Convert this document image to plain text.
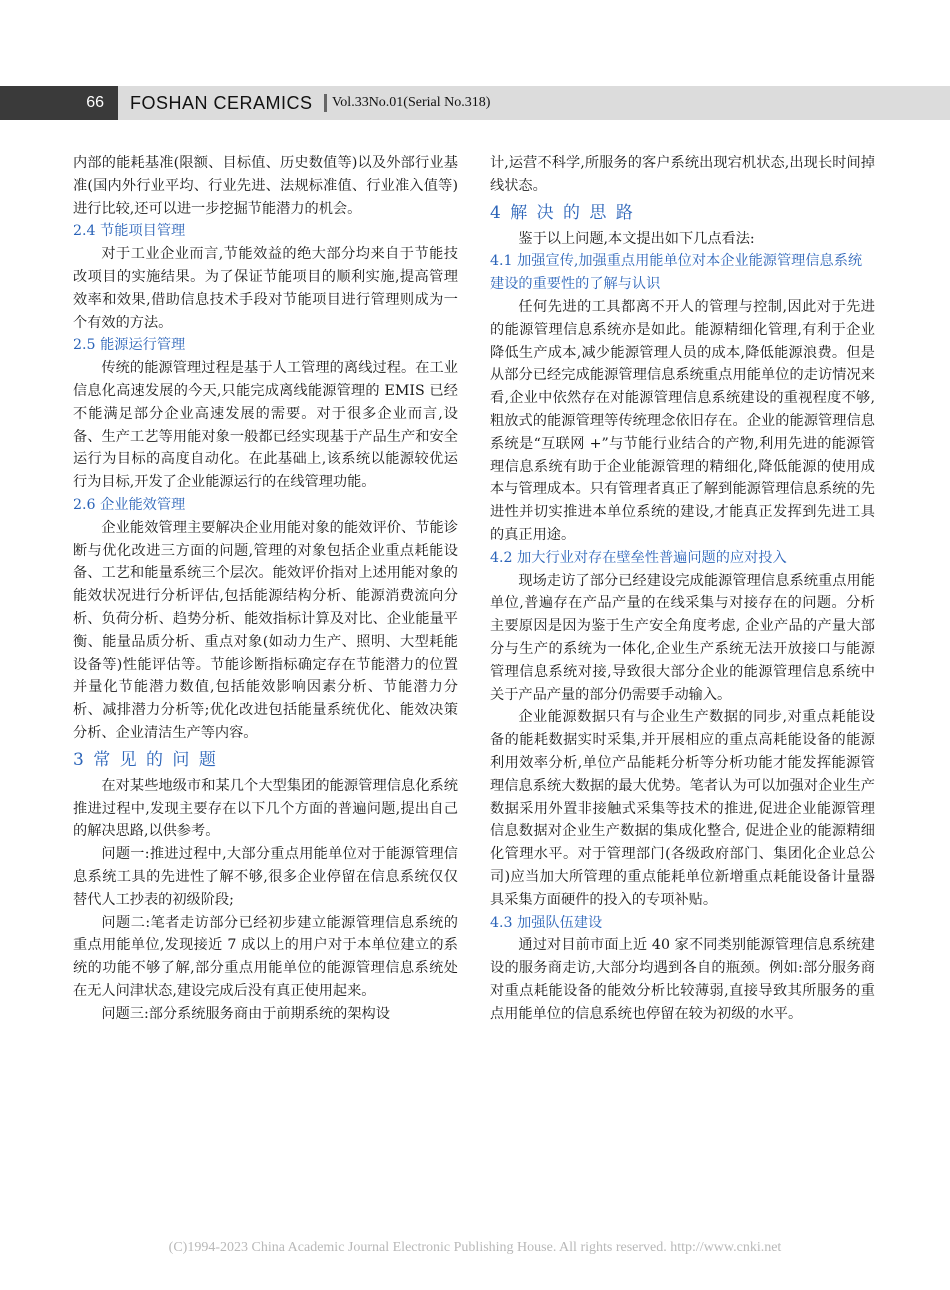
66	FOSHAN CERAMICS Vol.33No.01(Serial No.318)

内部的能耗基准(限额、目标值、历史数值等)以及外部行业基准(国内外行业平均、行业先进、法规标准值、行业准入值等)进行比较,还可以进一步挖掘节能潜力的机会。

2.4 节能项目管理

对于工业企业而言,节能效益的绝大部分均来自于节能技改项目的实施结果。为了保证节能项目的顺利实施,提高管理效率和效果,借助信息技术手段对节能项目进行管理则成为一个有效的方法。

2.5 能源运行管理

传统的能源管理过程是基于人工管理的离线过程。在工业信息化高速发展的今天,只能完成离线能源管理的 EMIS 已经不能满足部分企业高速发展的需要。对于很多企业而言,设备、生产工艺等用能对象一般都已经实现基于产品生产和安全运行为目标的高度自动化。在此基础上,该系统以能源较优运行为目标,开发了企业能源运行的在线管理功能。

2.6 企业能效管理

企业能效管理主要解决企业用能对象的能效评价、节能诊断与优化改进三方面的问题,管理的对象包括企业重点耗能设备、工艺和能量系统三个层次。能效评价指对上述用能对象的能效状况进行分析评估,包括能源结构分析、能源消费流向分析、负荷分析、趋势分析、能效指标计算及对比、企业能量平衡、能量品质分析、重点对象(如动力生产、照明、大型耗能设备等)性能评估等。节能诊断指标确定存在节能潜力的位置并量化节能潜力数值,包括能效影响因素分析、节能潜力分析、减排潜力分析等;优化改进包括能量系统优化、能效决策分析、企业清洁生产等内容。

3 常 见 的 问 题

在对某些地级市和某几个大型集团的能源管理信息化系统推进过程中,发现主要存在以下几个方面的普遍问题,提出自己的解决思路,以供参考。

问题一:推进过程中,大部分重点用能单位对于能源管理信息系统工具的先进性了解不够,很多企业停留在信息系统仅仅替代人工抄表的初级阶段;

问题二:笔者走访部分已经初步建立能源管理信息系统的重点用能单位,发现接近 7 成以上的用户对于本单位建立的系统的功能不够了解,部分重点用能单位的能源管理信息系统处在无人问津状态,建设完成后没有真正使用起来。

问题三:部分系统服务商由于前期系统的架构设

计,运营不科学,所服务的客户系统出现宕机状态,出现长时间掉线状态。

4 解 决 的 思 路

鉴于以上问题,本文提出如下几点看法:

4.1 加强宣传,加强重点用能单位对本企业能源管理信息系统建设的重要性的了解与认识

任何先进的工具都离不开人的管理与控制,因此对于先进的能源管理信息系统亦是如此。能源精细化管理,有利于企业降低生产成本,减少能源管理人员的成本,降低能源浪费。但是从部分已经完成能源管理信息系统重点用能单位的走访情况来看,企业中依然存在对能源管理信息系统建设的重视程度不够,粗放式的能源管理等传统理念依旧存在。企业的能源管理信息系统是“互联网 +”与节能行业结合的产物,利用先进的能源管理信息系统有助于企业能源管理的精细化,降低能源的使用成本与管理成本。只有管理者真正了解到能源管理信息系统的先进性并切实推进本单位系统的建设,才能真正发挥到先进工具的真正用途。

4.2 加大行业对存在壁垒性普遍问题的应对投入

现场走访了部分已经建设完成能源管理信息系统重点用能单位,普遍存在产品产量的在线采集与对接存在的问题。分析主要原因是因为鉴于生产安全角度考虑, 企业产品的产量大部分与生产的系统为一体化,企业生产系统无法开放接口与能源管理信息系统对接,导致很大部分企业的能源管理信息系统中关于产品产量的部分仍需要手动输入。

企业能源数据只有与企业生产数据的同步,对重点耗能设备的能耗数据实时采集,并开展相应的重点高耗能设备的能源利用效率分析,单位产品能耗分析等分析功能才能发挥能源管理信息系统大数据的最大优势。笔者认为可以加强对企业生产数据采用外置非接触式采集等技术的推进,促进企业能源管理信息数据对企业生产数据的集成化整合, 促进企业的能源精细化管理水平。对于管理部门(各级政府部门、集团化企业总公司)应当加大所管理的重点能耗单位新增重点耗能设备计量器具采集方面硬件的投入的专项补贴。

4.3 加强队伍建设

通过对目前市面上近 40 家不同类别能源管理信息系统建设的服务商走访,大部分均遇到各自的瓶颈。例如:部分服务商对重点耗能设备的能效分析比较薄弱,直接导致其所服务的重点用能单位的信息系统也停留在较为初级的水平。

(C)1994-2023 China Academic Journal Electronic Publishing House. All rights reserved. http://www.cnki.net
